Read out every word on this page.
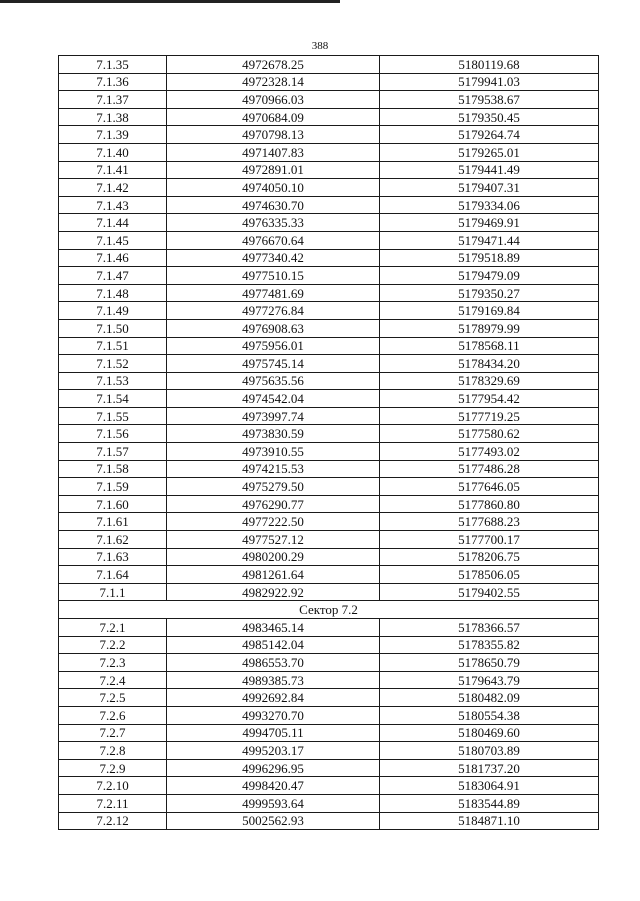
388
7.1.35	4972678.25	5180119.68
7.1.36	4972328.14	5179941.03
7.1.37	4970966.03	5179538.67
7.1.38	4970684.09	5179350.45
7.1.39	4970798.13	5179264.74
7.1.40	4971407.83	5179265.01
7.1.41	4972891.01	5179441.49
7.1.42	4974050.10	5179407.31
7.1.43	4974630.70	5179334.06
7.1.44	4976335.33	5179469.91
7.1.45	4976670.64	5179471.44
7.1.46	4977340.42	5179518.89
7.1.47	4977510.15	5179479.09
7.1.48	4977481.69	5179350.27
7.1.49	4977276.84	5179169.84
7.1.50	4976908.63	5178979.99
7.1.51	4975956.01	5178568.11
7.1.52	4975745.14	5178434.20
7.1.53	4975635.56	5178329.69
7.1.54	4974542.04	5177954.42
7.1.55	4973997.74	5177719.25
7.1.56	4973830.59	5177580.62
7.1.57	4973910.55	5177493.02
7.1.58	4974215.53	5177486.28
7.1.59	4975279.50	5177646.05
7.1.60	4976290.77	5177860.80
7.1.61	4977222.50	5177688.23
7.1.62	4977527.12	5177700.17
7.1.63	4980200.29	5178206.75
7.1.64	4981261.64	5178506.05
7.1.1	4982922.92	5179402.55
Сектор 7.2		
7.2.1	4983465.14	5178366.57
7.2.2	4985142.04	5178355.82
7.2.3	4986553.70	5178650.79
7.2.4	4989385.73	5179643.79
7.2.5	4992692.84	5180482.09
7.2.6	4993270.70	5180554.38
7.2.7	4994705.11	5180469.60
7.2.8	4995203.17	5180703.89
7.2.9	4996296.95	5181737.20
7.2.10	4998420.47	5183064.91
7.2.11	4999593.64	5183544.89
7.2.12	5002562.93	5184871.10
